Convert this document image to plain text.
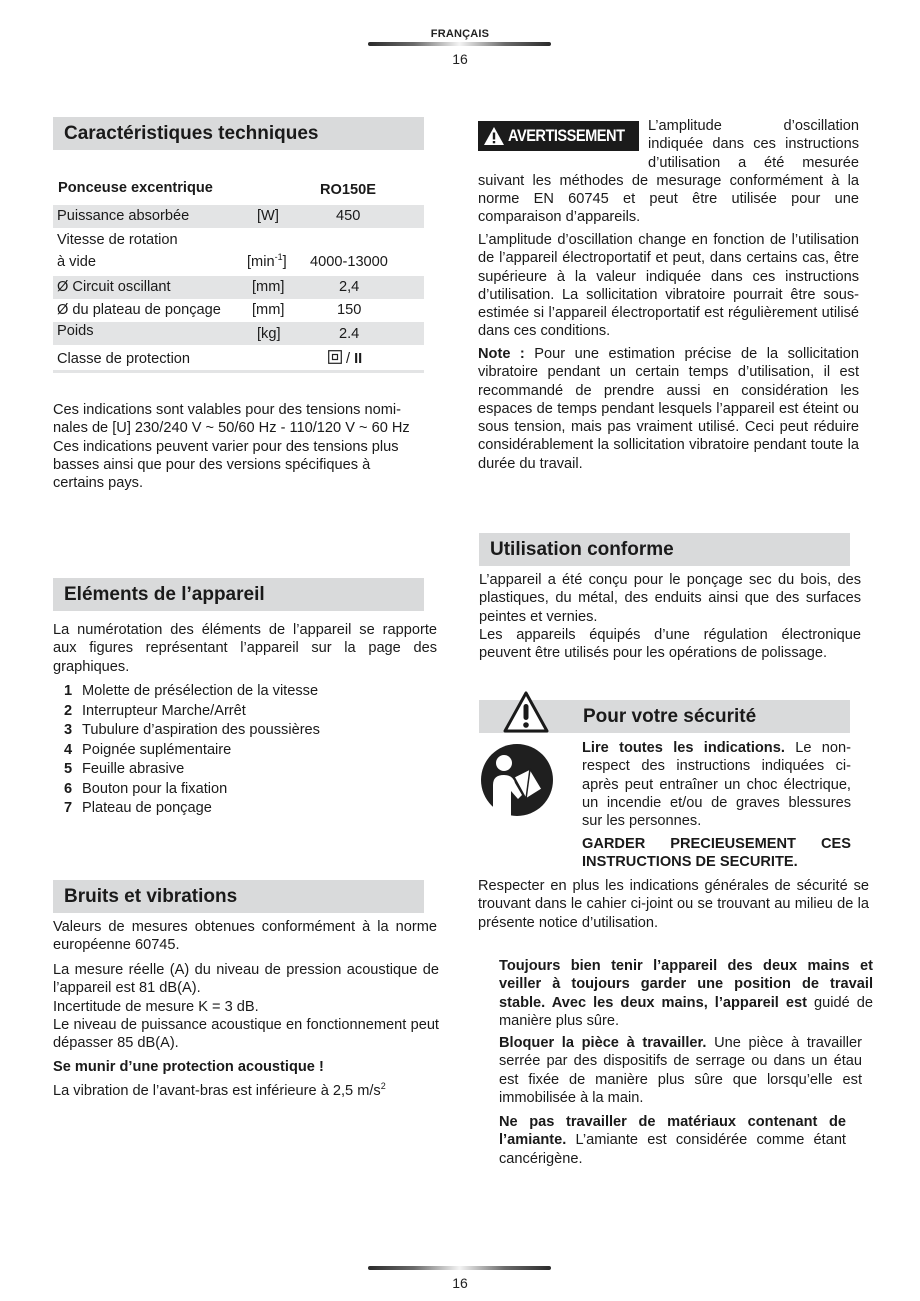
FRANÇAIS
16
Caractéristiques techniques
Ponceuse excentrique	RO150E
Puissance absorbée	[W]	450
Vitesse de rotation
à vide	$[\min^{-1}]$ 4000-13000
Ø Circuit oscillant	[mm]	2,4
Ø du plateau de ponçage [mm]	150
Poids	[kg]	2.4
Classe de protection	/ II
Ces indications sont valables pour des tensions nomi-
nales de [U] 230/240 V ~ 50/60 Hz - 110/120 V ~ 60 Hz
Ces indications peuvent varier pour des tensions plus
basses ainsi que pour des versions spécifiques à
certains pays.
Eléments de l’appareil
La numérotation des éléments de l’appareil se rapporte aux figures représentant l’appareil sur la page des graphiques.
1 Molette de présélection de la vitesse
2 Interrupteur Marche/Arrêt
3 Tubulure d’aspiration des poussières
4 Poignée suplémentaire
5 Feuille abrasive
6 Bouton pour la fixation
7 Plateau de ponçage
Bruits et vibrations
Valeurs de mesures obtenues conformément à la norme européenne 60745.
La mesure réelle (A) du niveau de pression acoustique de l’appareil est 81 dB(A).
Incertitude de mesure K = 3 dB.
Le niveau de puissance acoustique en fonctionnement peut dépasser 85 dB(A).
Se munir d’une protection acoustique !
La vibration de l’avant-bras est inférieure à 2,5 $m/s^2$
AVERTISSEMENT	L’amplitude d’oscillation indiquée dans ces instructions d’utilisation a été mesurée suivant les méthodes de mesurage conformément à la norme EN 60745 et peut être utilisée pour une comparaison d’appareils.
L’amplitude d’oscillation change en fonction de l’utilisation de l’appareil électroportatif et peut, dans certains cas, être supérieure à la valeur indiquée dans ces instructions d’utilisation. La sollicitation vibratoire pourrait être sous-estimée si l’appareil électroportatif est régulièrement utilisé dans ces conditions.
Note : Pour une estimation précise de la sollicitation vibratoire pendant un certain temps d’utilisation, il est recommandé de prendre aussi en considération les espaces de temps pendant lesquels l’appareil est éteint ou sous tension, mais pas vraiment utilisé. Ceci peut réduire considérablement la sollicitation vibratoire pendant toute la durée du travail.
Utilisation conforme
L’appareil a été conçu pour le ponçage sec du bois, des plastiques, du métal, des enduits ainsi que des surfaces peintes et vernies.
Les appareils équipés d’une régulation électronique peuvent être utilisés pour les opérations de polissage.
Pour votre sécurité
Lire toutes les indications. Le non-respect des instructions indiquées ci-après peut entraîner un choc électrique, un incendie et/ou de graves blessures sur les personnes.
GARDER PRECIEUSEMENT CES INSTRUCTIONS DE SECURITE.
Respecter en plus les indications générales de sécurité se trouvant dans le cahier ci-joint ou se trouvant au milieu de la présente notice d’utilisation.
Toujours bien tenir l’appareil des deux mains et veiller à toujours garder une position de travail stable. Avec les deux mains, l’appareil est guidé de manière plus sûre.
Bloquer la pièce à travailler. Une pièce à travailler serrée par des dispositifs de serrage ou dans un étau est fixée de manière plus sûre que lorsqu’elle est immobilisée à la main.
Ne pas travailler de matériaux contenant de l’amiante. L’amiante est considérée comme étant cancérigène.
16
